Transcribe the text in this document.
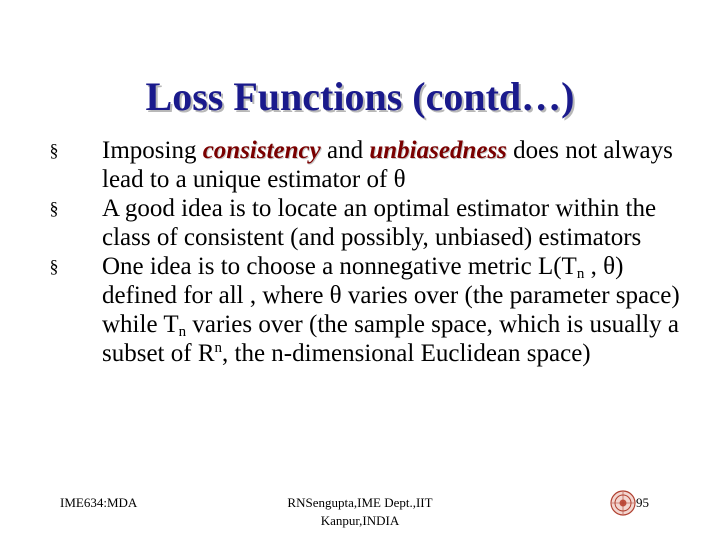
Loss Functions (contd…)
§	Imposing consistency and unbiasedness does not always lead to a unique estimator of θ
§	A good idea is to locate an optimal estimator within the class of consistent (and possibly, unbiased) estimators
§	One idea is to choose a nonnegative metric $L(T_n$ , θ) defined for all , where θ varies over (the parameter space) while $T_n$ varies over (the sample space, which is usually a subset of $R^n$, the n-dimensional Euclidean space)
IME634:MDA	RNSengupta,IME Dept.,IIT
Kanpur,INDIA
95
